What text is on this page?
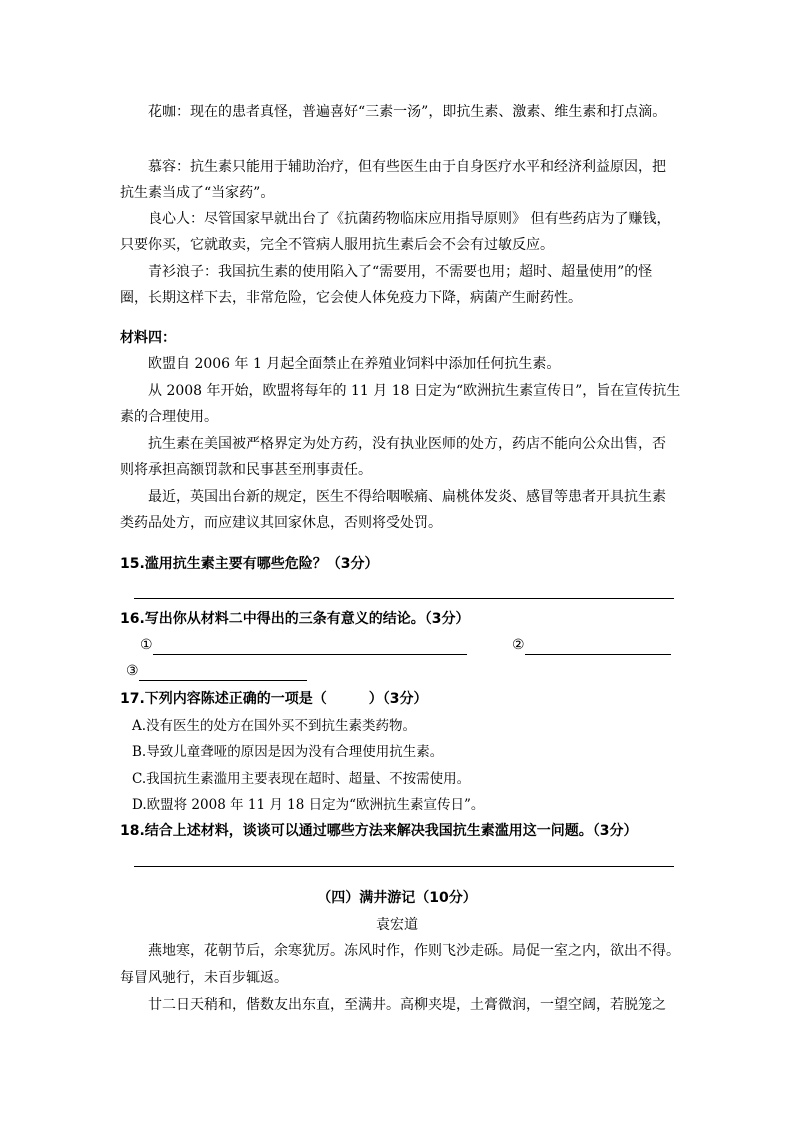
花咖：现在的患者真怪，普遍喜好“三素一汤”，即抗生素、激素、维生素和打点滴。
慕容：抗生素只能用于辅助治疗，但有些医生由于自身医疗水平和经济利益原因，把
抗生素当成了“当家药”。
良心人：尽管国家早就出台了《抗菌药物临床应用指导原则》 但有些药店为了赚钱，
只要你买，它就敢卖，完全不管病人服用抗生素后会不会有过敏反应。
青衫浪子：我国抗生素的使用陷入了“需要用，不需要也用；超时、超量使用”的怪
圈，长期这样下去，非常危险，它会使人体免疫力下降，病菌产生耐药性。
材料四：
欧盟自 2006 年 1 月起全面禁止在养殖业饲料中添加任何抗生素。
从 2008 年开始，欧盟将每年的 11 月 18 日定为“欧洲抗生素宣传日”，旨在宣传抗生
素的合理使用。
抗生素在美国被严格界定为处方药，没有执业医师的处方，药店不能向公众出售，否
则将承担高额罚款和民事甚至刑事责任。
最近，英国出台新的规定，医生不得给咽喉痛、扁桃体发炎、感冒等患者开具抗生素
类药品处方，而应建议其回家休息，否则将受处罚。
15.滥用抗生素主要有哪些危险？（3分）
16.写出你从材料二中得出的三条有意义的结论。（3分）
①	②
③
17.下列内容陈述正确的一项是（　　　）（3分）
A.没有医生的处方在国外买不到抗生素类药物。
B.导致儿童聋哑的原因是因为没有合理使用抗生素。
C.我国抗生素滥用主要表现在超时、超量、不按需使用。
D.欧盟将 2008 年 11 月 18 日定为“欧洲抗生素宣传日”。
18.结合上述材料，谈谈可以通过哪些方法来解决我国抗生素滥用这一问题。（3分）
（四）满井游记（10分）
袁宏道
燕地寒，花朝节后，余寒犹厉。冻风时作，作则飞沙走砾。局促一室之内，欲出不得。
每冒风驰行，未百步辄返。
廿二日天稍和，偕数友出东直，至满井。高柳夹堤，土膏微润，一望空阔，若脱笼之
